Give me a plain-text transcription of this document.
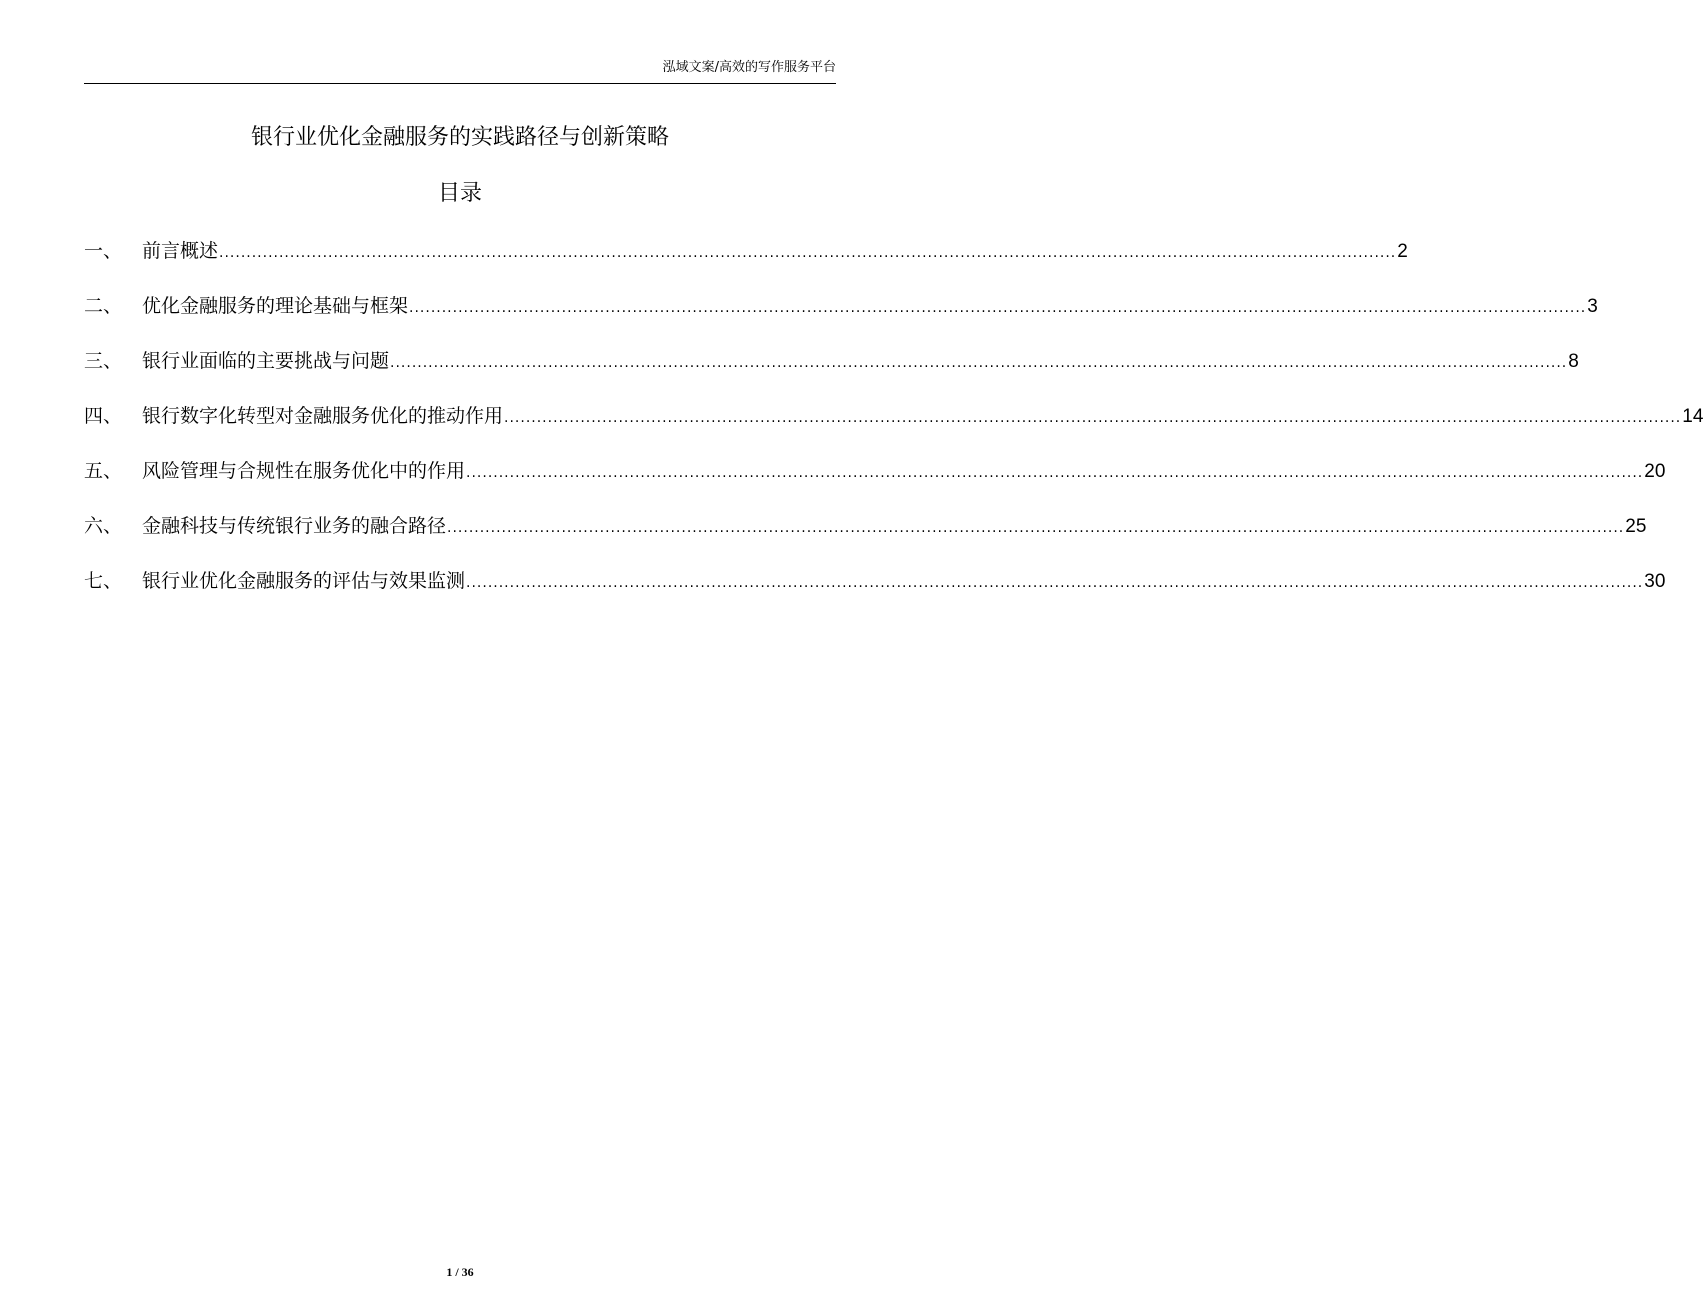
泓域文案/高效的写作服务平台
银行业优化金融服务的实践路径与创新策略
目录
一、	前言概述 ........................................................................................................................................................................................................................ 2
二、	优化金融服务的理论基础与框架 ........................................................................................................................................................................................................................ 3
三、	银行业面临的主要挑战与问题 ........................................................................................................................................................................................................................ 8
四、	银行数字化转型对金融服务优化的推动作用 ........................................................................................................................................................................................................................ 14
五、	风险管理与合规性在服务优化中的作用 ........................................................................................................................................................................................................................ 20
六、	金融科技与传统银行业务的融合路径 ........................................................................................................................................................................................................................ 25
七、	银行业优化金融服务的评估与效果监测 ........................................................................................................................................................................................................................ 30
1 / 36
